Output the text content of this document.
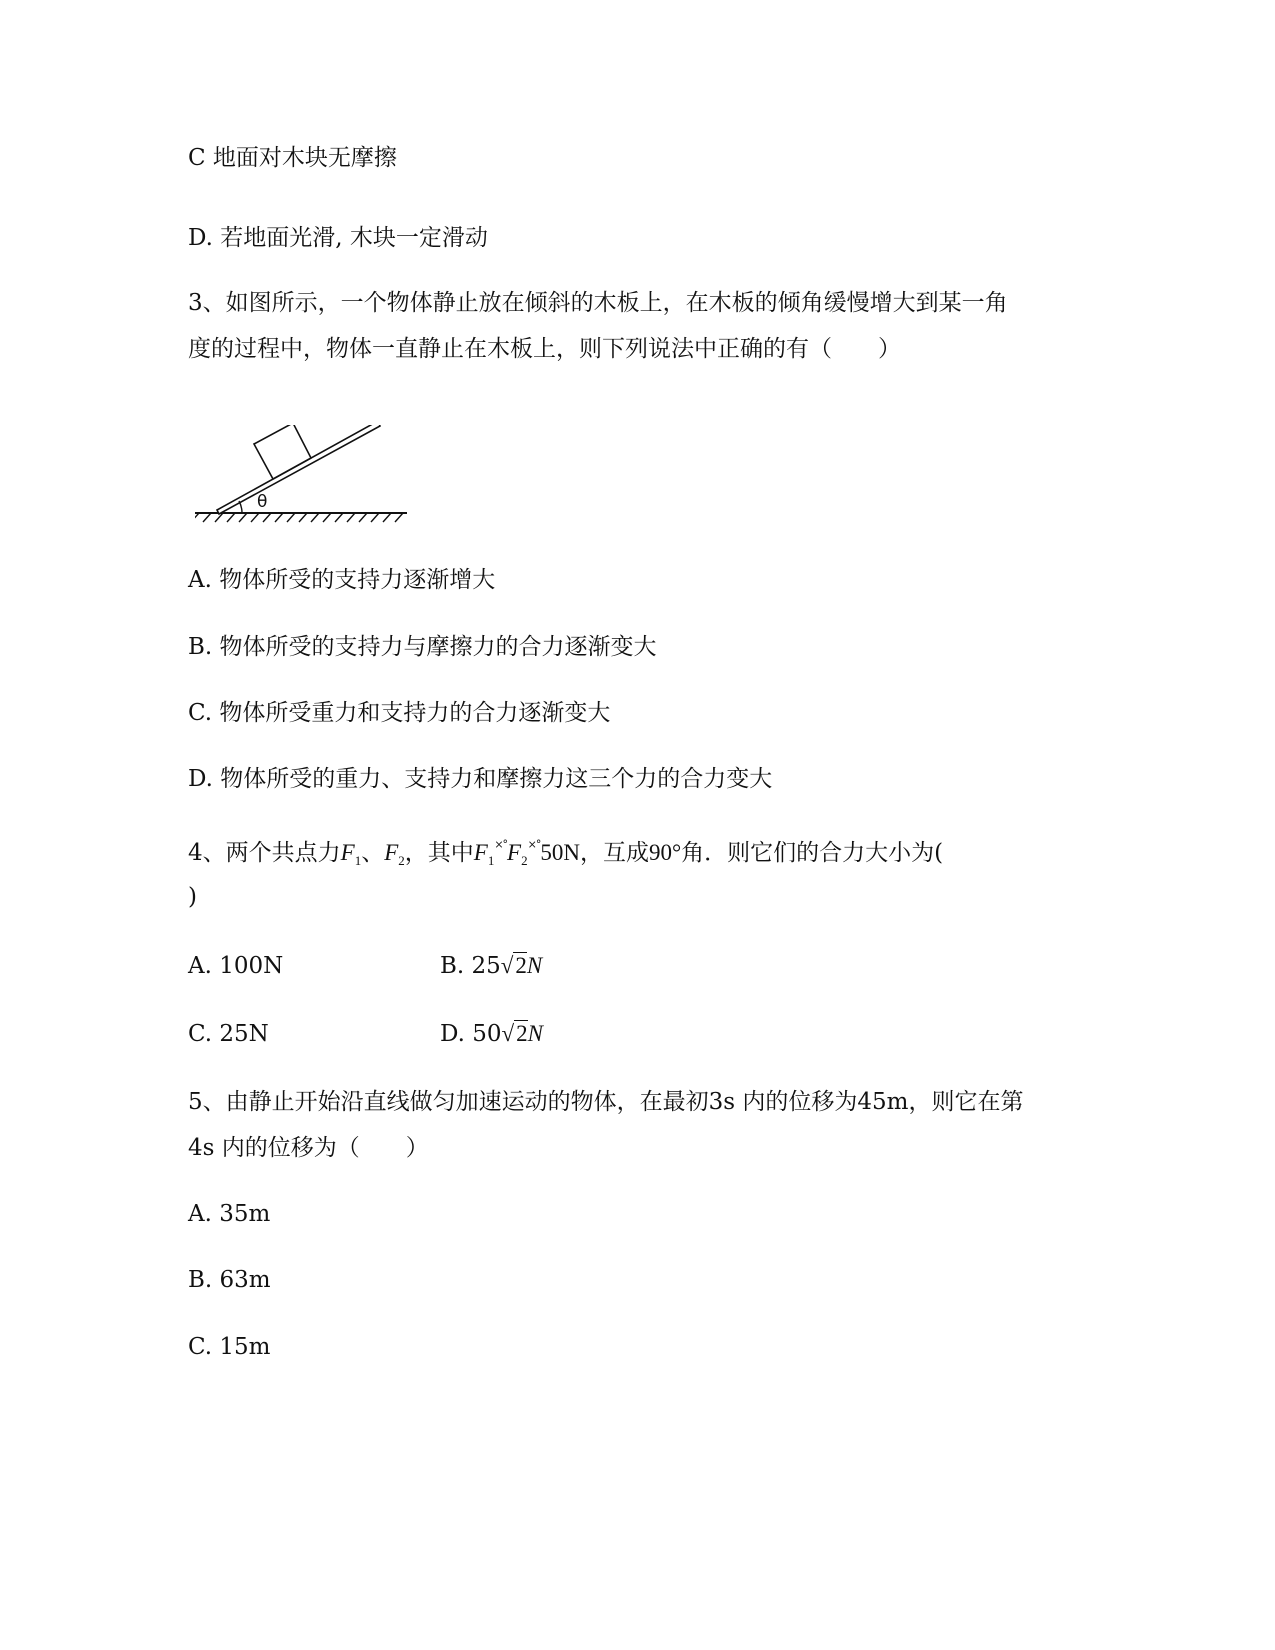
C 地面对木块无摩擦
D. 若地面光滑, 木块一定滑动
3、如图所示，一个物体静止放在倾斜的木板上，在木板的倾角缓慢增大到某一角
度的过程中，物体一直静止在木板上，则下列说法中正确的有（　　）
θ
A. 物体所受的支持力逐渐增大
B. 物体所受的支持力与摩擦力的合力逐渐变大
C. 物体所受重力和支持力的合力逐渐变大
D. 物体所受的重力、支持力和摩擦力这三个力的合力变大
4、两个共点力$F_1$、$F_2$，其中$F_1^{\times^\circ}F_2^{\times^\circ}50N$，互成90°角．则它们的合力大小为(
)
A. 100N	B. 25√2N
C. 25N	D. 50√2N
5、由静止开始沿直线做匀加速运动的物体，在最初3s 内的位移为45m，则它在第
4s 内的位移为（　　）
A. 35m
B. 63m
C. 15m
